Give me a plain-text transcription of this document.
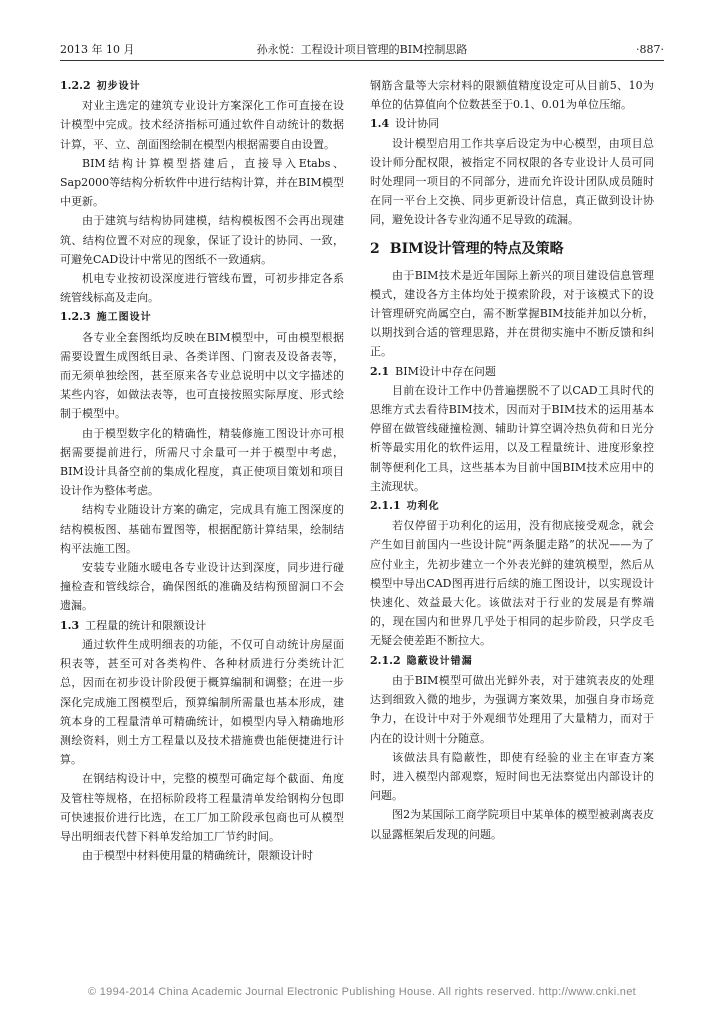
2013 年 10 月	孙永悦：工程设计项目管理的BIM控制思路	·887·
1.2.2 初步设计

对业主选定的建筑专业设计方案深化工作可直接在设计模型中完成。技术经济指标可通过软件自动统计的数据计算，平、立、剖面图绘制在模型内根据需要自由设置。

BIM结构计算模型搭建后，直接导入Etabs、Sap2000等结构分析软件中进行结构计算，并在BIM模型中更新。

由于建筑与结构协同建模，结构模板图不会再出现建筑、结构位置不对应的现象，保证了设计的协同、一致，可避免CAD设计中常见的图纸不一致通病。

机电专业按初设深度进行管线布置，可初步排定各系统管线标高及走向。

1.2.3 施工图设计

各专业全套图纸均反映在BIM模型中，可由模型根据需要设置生成图纸目录、各类详图、门窗表及设备表等，而无须单独绘图，甚至原来各专业总说明中以文字描述的某些内容，如做法表等，也可直接按照实际厚度、形式绘制于模型中。

由于模型数字化的精确性，精装修施工图设计亦可根据需要提前进行，所需尺寸余量可一并于模型中考虑，BIM设计具备空前的集成化程度，真正使项目策划和项目设计作为整体考虑。

结构专业随设计方案的确定，完成具有施工图深度的结构模板图、基础布置图等，根据配筋计算结果，绘制结构平法施工图。

安装专业随水暖电各专业设计达到深度，同步进行碰撞检查和管线综合，确保图纸的准确及结构预留洞口不会遗漏。

1.3 工程量的统计和限额设计

通过软件生成明细表的功能，不仅可自动统计房屋面积表等，甚至可对各类构件、各种材质进行分类统计汇总，因而在初步设计阶段便于概算编制和调整；在进一步深化完成施工图模型后，预算编制所需量也基本形成，建筑本身的工程量清单可精确统计，如模型内导入精确地形测绘资料，则土方工程量以及技术措施费也能便捷进行计算。

在钢结构设计中，完整的模型可确定每个截面、角度及管柱等规格，在招标阶段将工程量清单发给钢构分包即可快速报价进行比选，在工厂加工阶段承包商也可从模型导出明细表代替下料单发给加工厂节约时间。

由于模型中材料使用量的精确统计，限额设计时

钢筋含量等大宗材料的限额值精度设定可从目前5、10为单位的估算值向个位数甚至于0.1、0.01为单位压缩。

1.4 设计协同

设计模型启用工作共享后设定为中心模型，由项目总设计师分配权限，被指定不同权限的各专业设计人员可同时处理同一项目的不同部分，进而允许设计团队成员随时在同一平台上交换、同步更新设计信息，真正做到设计协同，避免设计各专业沟通不足导致的疏漏。

2 BIM设计管理的特点及策略

由于BIM技术是近年国际上新兴的项目建设信息管理模式，建设各方主体均处于摸索阶段，对于该模式下的设计管理研究尚属空白，需不断掌握BIM技能并加以分析，以期找到合适的管理思路，并在贯彻实施中不断反馈和纠正。

2.1 BIM设计中存在问题

目前在设计工作中仍普遍摆脱不了以CAD工具时代的思维方式去看待BIM技术，因而对于BIM技术的运用基本停留在做管线碰撞检测、辅助计算空调冷热负荷和日光分析等最实用化的软件运用，以及工程量统计、进度形象控制等便利化工具，这些基本为目前中国BIM技术应用中的主流现状。

2.1.1 功利化

若仅停留于功利化的运用，没有彻底接受观念，就会产生如目前国内一些设计院“两条腿走路”的状况——为了应付业主，先初步建立一个外表光鲜的建筑模型，然后从模型中导出CAD图再进行后续的施工图设计，以实现设计快速化、效益最大化。该做法对于行业的发展是有弊端的，现在国内和世界几乎处于相同的起步阶段，只学皮毛无疑会使差距不断拉大。

2.1.2 隐蔽设计错漏

由于BIM模型可做出光鲜外表，对于建筑表皮的处理达到细致入微的地步，为强调方案效果，加强自身市场竞争力，在设计中对于外观细节处理用了大量精力，而对于内在的设计则十分随意。

该做法具有隐蔽性，即使有经验的业主在审查方案时，进入模型内部观察，短时间也无法察觉出内部设计的问题。

图2为某国际工商学院项目中某单体的模型被剥离表皮以显露框架后发现的问题。

© 1994-2014 China Academic Journal Electronic Publishing House. All rights reserved. http://www.cnki.net
